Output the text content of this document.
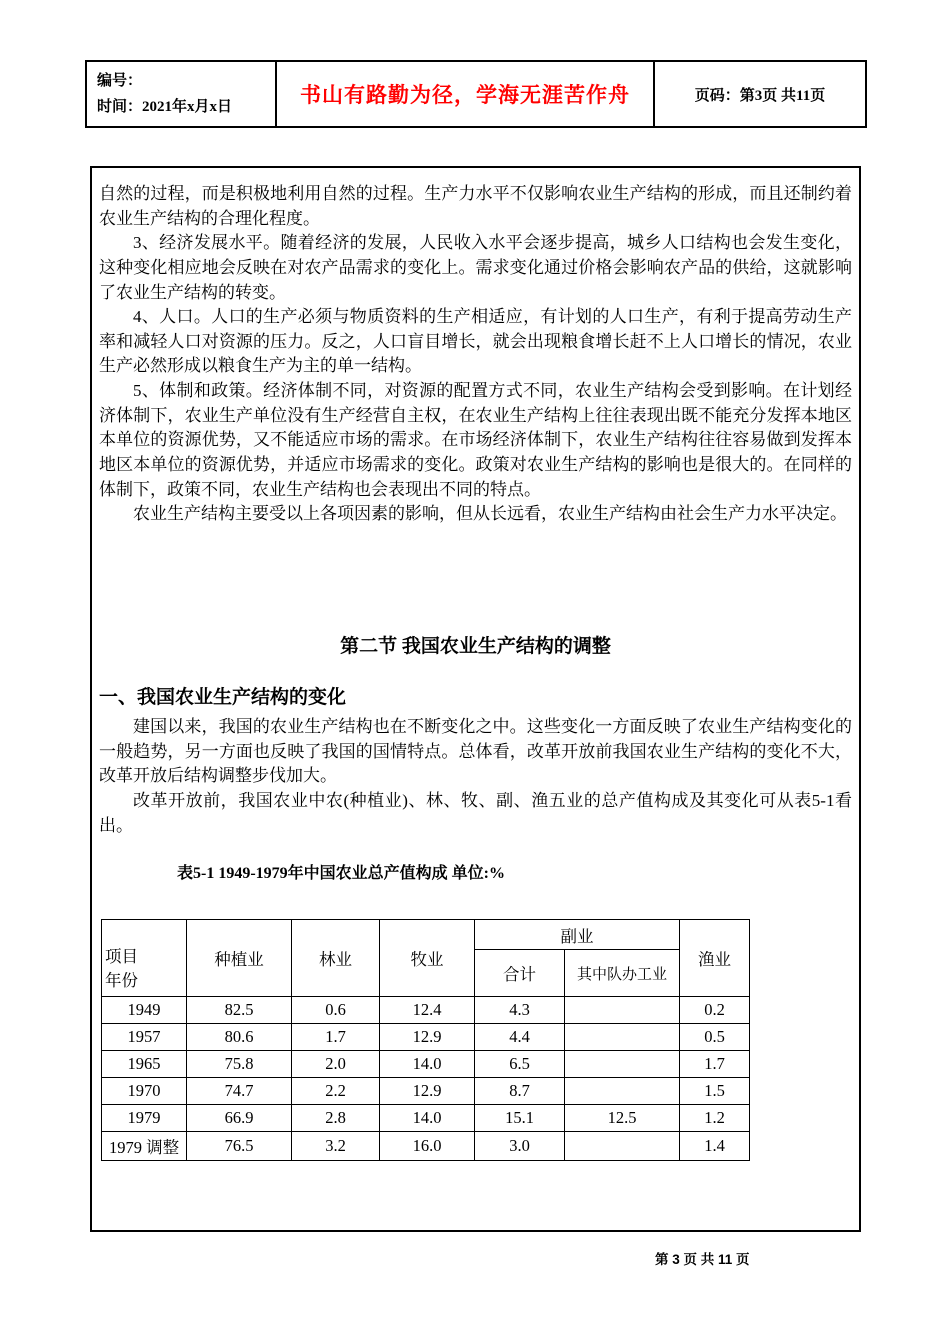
编号：
时间：2021年x月x日	书山有路勤为径，学海无涯苦作舟	页码：第3页 共11页

自然的过程，而是积极地利用自然的过程。生产力水平不仅影响农业生产结构的形成，而且还制约着农业生产结构的合理化程度。

3、经济发展水平。随着经济的发展，人民收入水平会逐步提高，城乡人口结构也会发生变化，这种变化相应地会反映在对农产品需求的变化上。需求变化通过价格会影响农产品的供给，这就影响了农业生产结构的转变。

4、人口。人口的生产必须与物质资料的生产相适应，有计划的人口生产，有利于提高劳动生产率和减轻人口对资源的压力。反之，人口盲目增长，就会出现粮食增长赶不上人口增长的情况，农业生产必然形成以粮食生产为主的单一结构。

5、体制和政策。经济体制不同，对资源的配置方式不同，农业生产结构会受到影响。在计划经济体制下，农业生产单位没有生产经营自主权，在农业生产结构上往往表现出既不能充分发挥本地区本单位的资源优势，又不能适应市场的需求。在市场经济体制下，农业生产结构往往容易做到发挥本地区本单位的资源优势，并适应市场需求的变化。政策对农业生产结构的影响也是很大的。在同样的体制下，政策不同，农业生产结构也会表现出不同的特点。

农业生产结构主要受以上各项因素的影响，但从长远看，农业生产结构由社会生产力水平决定。

第二节 我国农业生产结构的调整
一、我国农业生产结构的变化

建国以来，我国的农业生产结构也在不断变化之中。这些变化一方面反映了农业生产结构变化的一般趋势，另一方面也反映了我国的国情特点。总体看，改革开放前我国农业生产结构的变化不大，改革开放后结构调整步伐加大。

改革开放前，我国农业中农(种植业)、林、牧、副、渔五业的总产值构成及其变化可从表5-1看出。

表5-1 1949-1979年中国农业总产值构成 单位:%

项目
年份	种植业	林业	牧业	副业		渔业
				合计	其中队办工业	
1949	82.5	0.6	12.4	4.3		0.2
1957	80.6	1.7	12.9	4.4		0.5
1965	75.8	2.0	14.0	6.5		1.7
1970	74.7	2.2	12.9	8.7		1.5
1979	66.9	2.8	14.0	15.1	12.5	1.2
1979 调整	76.5	3.2	16.0	3.0		1.4

第 3 页 共 11 页
